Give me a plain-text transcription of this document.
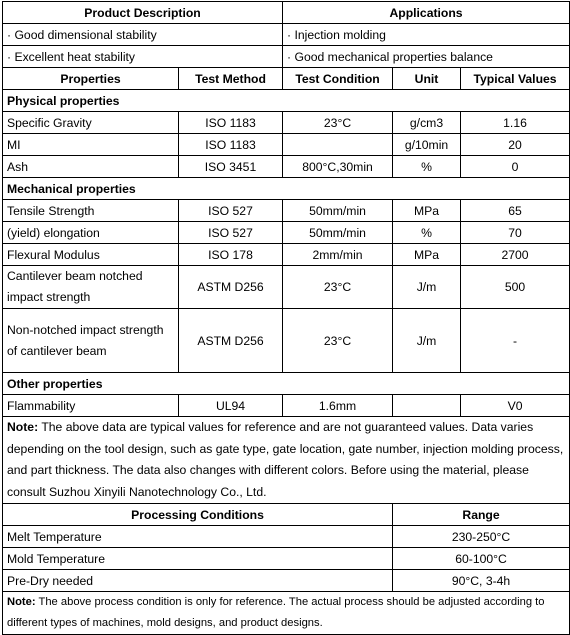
Product Description		Applications		
· Good dimensional stability		· Injection molding		
· Excellent heat stability		· Good mechanical properties balance		
Properties	Test Method	Test Condition	Unit	Typical Values
Physical properties				
Specific Gravity	ISO 1183	23°C	g/cm3	1.16
MI	ISO 1183		g/10min	20
Ash	ISO 3451	800°C,30min	%	0
Mechanical properties				
Tensile Strength	ISO 527	50mm/min	MPa	65
(yield) elongation	ISO 527	50mm/min	%	70
Flexural Modulus	ISO 178	2mm/min	MPa	2700
Cantilever beam notched impact strength	ASTM D256	23°C	J/m	500
Non-notched impact strength of cantilever beam	ASTM D256	23°C	J/m	-
Other properties				
Flammability	UL94	1.6mm		V0
Note: The above data are typical values for reference and are not guaranteed values. Data varies depending on the tool design, such as gate type, gate location, gate number, injection molding process, and part thickness. The data also changes with different colors. Before using the material, please consult Suzhou Xinyili Nanotechnology Co., Ltd.				
Processing Conditions			Range	
Melt Temperature			230-250°C	
Mold Temperature			60-100°C	
Pre-Dry needed			90°C, 3-4h	
Note: The above process condition is only for reference. The actual process should be adjusted according to different types of machines, mold designs, and product designs.				
